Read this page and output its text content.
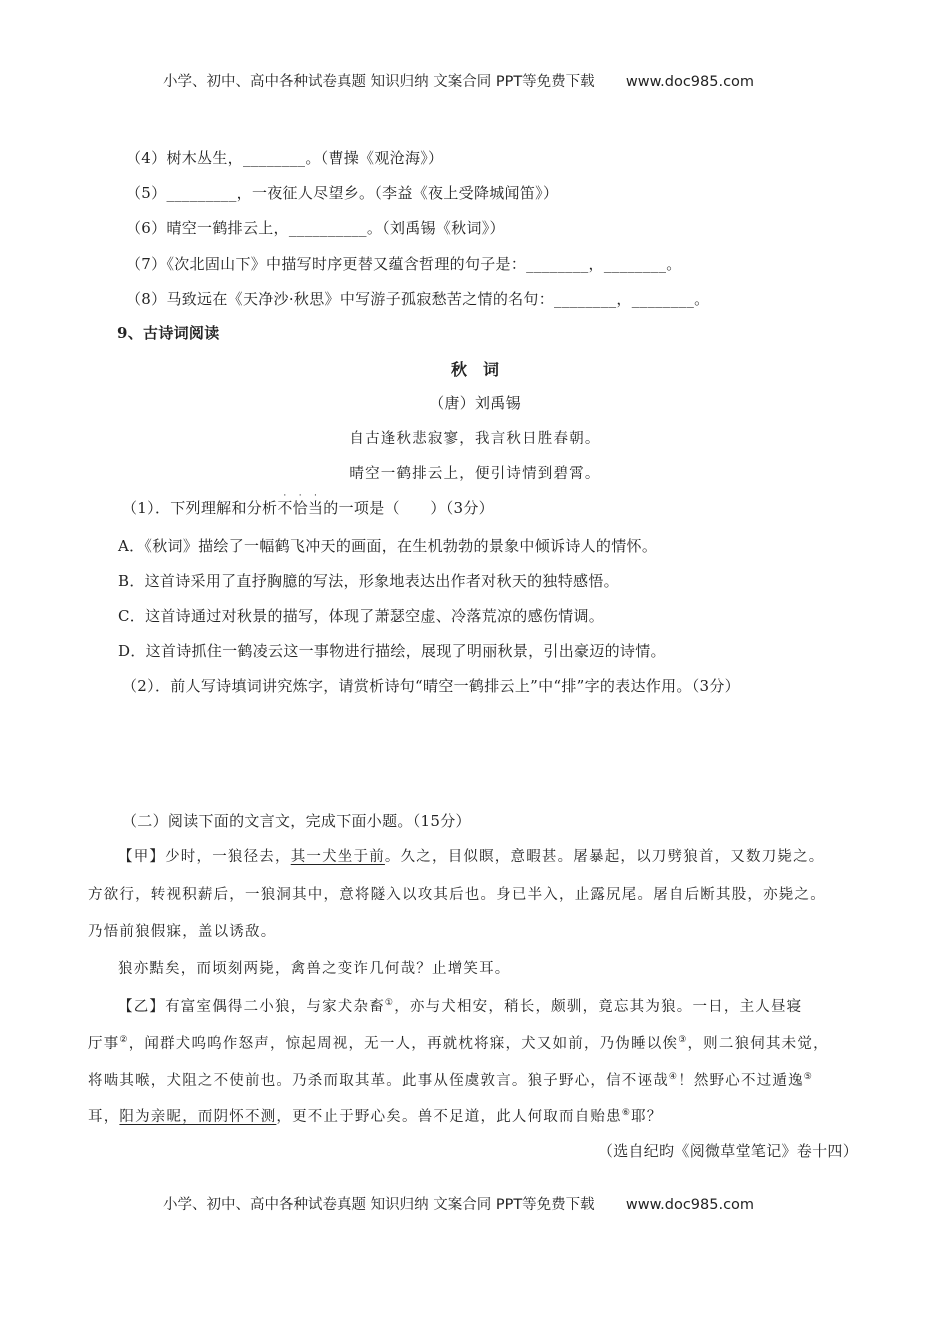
小学、初中、高中各种试卷真题 知识归纳 文案合同 PPT等免费下载 www.doc985.com
（4）树木丛生，________。（曹操《观沧海》）
（5）_________，一夜征人尽望乡。（李益《夜上受降城闻笛》）
（6）晴空一鹤排云上，__________。（刘禹锡《秋词》）
（7）《次北固山下》中描写时序更替又蕴含哲理的句子是：________，________。
（8）马致远在《天净沙·秋思》中写游子孤寂愁苦之情的名句：________，________。
9、古诗词阅读
秋　词
（唐）刘禹锡
自古逢秋悲寂寥，我言秋日胜春朝。
晴空一鹤排云上，便引诗情到碧霄。
（1）．下列理解和分析
·
不
·
恰
·
当的一项是（　　）（3分）
A．《秋词》描绘了一幅鹤飞冲天的画面，在生机勃勃的景象中倾诉诗人的情怀。
B．这首诗采用了直抒胸臆的写法，形象地表达出作者对秋天的独特感悟。
C．这首诗通过对秋景的描写，体现了萧瑟空虚、冷落荒凉的感伤情调。
D．这首诗抓住一鹤凌云这一事物进行描绘，展现了明丽秋景，引出豪迈的诗情。
（2）．前人写诗填词讲究炼字，请赏析诗句“晴空一鹤排云上”中“排”字的表达作用。（3分）
（二）阅读下面的文言文，完成下面小题。（15分）
【甲】少时，一狼径去，其一犬坐于前。久之，目似瞑，意暇甚。屠暴起，以刀劈狼首，又数刀毙之。
方欲行，转视积薪后，一狼洞其中，意将隧入以攻其后也。身已半入，止露尻尾。屠自后断其股，亦毙之。
乃悟前狼假寐，盖以诱敌。
狼亦黠矣，而顷刻两毙，禽兽之变诈几何哉？止增笑耳。
【乙】有富室偶得二小狼，与家犬杂畜①，亦与犬相安，稍长，颇驯，竟忘其为狼。一日，主人昼寝
厅事②，闻群犬呜呜作怒声，惊起周视，无一人，再就枕将寐，犬又如前，乃伪睡以俟③，则二狼伺其未觉，
将啮其喉，犬阻之不使前也。乃杀而取其革。此事从侄虞敦言。狼子野心，信不诬哉④！然野心不过遁逸⑤
耳，阳为亲昵，而阴怀不测，更不止于野心矣。兽不足道，此人何取而自贻患⑥耶？
（选自纪昀《阅微草堂笔记》卷十四）
小学、初中、高中各种试卷真题 知识归纳 文案合同 PPT等免费下载 www.doc985.com
